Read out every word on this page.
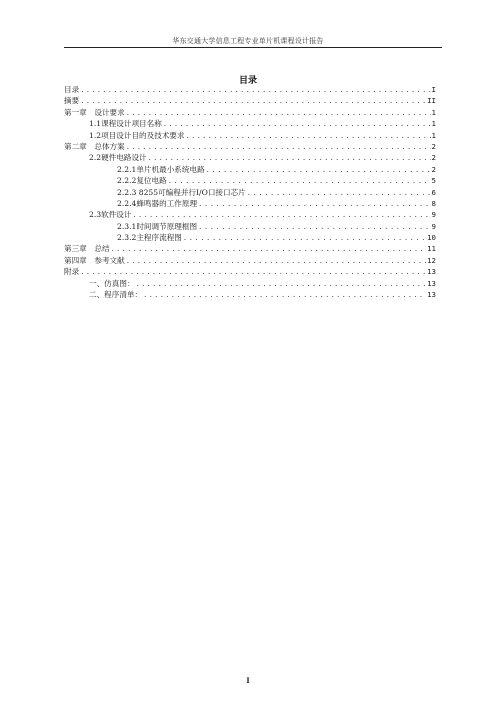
华东交通大学信息工程专业单片机课程设计报告
目录
目录 .....	I
摘要 .....	II
第一章　设计要求 .....	1
1.1课程设计项目名称 .....	1
1.2项目设计目的及技术要求 .....	1
第二章　总体方案 .....	2
2.2硬件电路设计 .....	2
2.2.1单片机最小系统电路 .....	2
2.2.2复位电路 .....	5
2.2.3 8255可编程并行I/O口接口芯片 .....	6
2.2.4蜂鸣器的工作原理 .....	8
2.3软件设计 .....	9
2.3.1时间调节原理框图 .....	9
2.3.2主程序流程图 .....	10
第三章　总结 .....	11
第四章　参考文献 .....	12
附录 .....	13
一、仿真图： .....	13
二、程序清单： .....	13
I
